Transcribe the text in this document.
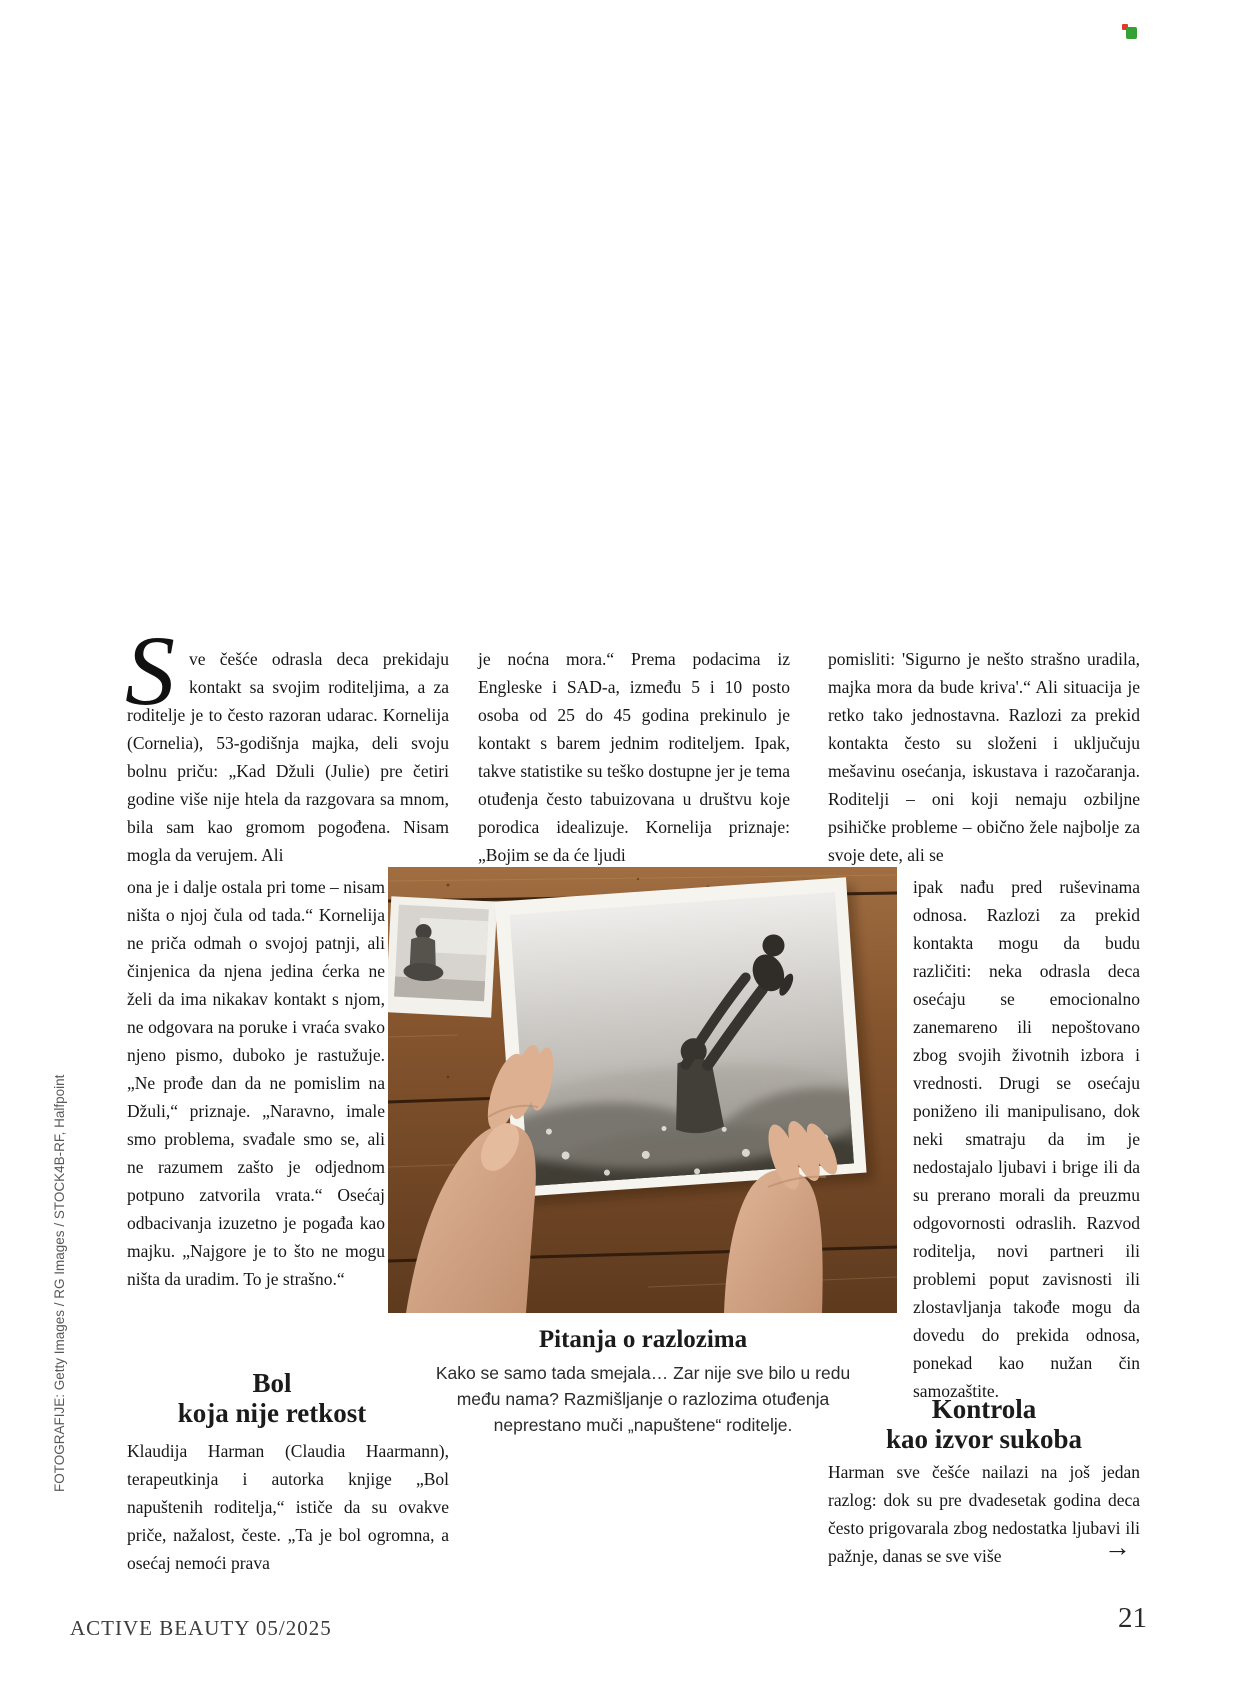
S ve češće odrasla deca prekidaju kontakt sa svojim roditeljima, a za roditelje je to često razoran udarac. Kornelija (Cornelia), 53-godišnja majka, deli svoju bolnu priču: „Kad Džuli (Julie) pre četiri godine više nije htela da razgovara sa mnom, bila sam kao gromom pogođena. Nisam mogla da verujem. Ali
ona je i dalje ostala pri tome – nisam ništa o njoj čula od tada.“ Kornelija ne priča odmah o svojoj patnji, ali činjenica da njena jedina ćerka ne želi da ima nikakav kontakt s njom, ne odgovara na poruke i vraća svako njeno pismo, duboko je rastužuje. „Ne prođe dan da ne pomislim na Džuli,“ priznaje. „Naravno, imale smo problema, svađale smo se, ali ne razumem zašto je odjednom potpuno zatvorila vrata.“ Osećaj odbacivanja izuzetno je pogađa kao majku. „Najgore je to što ne mogu ništa da uradim. To je strašno.“
Bol
koja nije retkost
Klaudija Harman (Claudia Haarmann), terapeutkinja i autorka knjige „Bol napuštenih roditelja,“ ističe da su ovakve priče, nažalost, česte. „Ta je bol ogromna, a osećaj nemoći prava
je noćna mora.“ Prema podacima iz Engleske i SAD-a, između 5 i 10 posto osoba od 25 do 45 godina prekinulo je kontakt s barem jednim roditeljem. Ipak, takve statistike su teško dostupne jer je tema otuđenja često tabuizovana u društvu koje porodica idealizuje. Kornelija priznaje: „Bojim se da će ljudi
pomisliti: 'Sigurno je nešto strašno uradila, majka mora da bude kriva'.“ Ali situacija je retko tako jednostavna. Razlozi za prekid kontakta često su složeni i uključuju mešavinu osećanja, iskustava i razočaranja. Roditelji – oni koji nemaju ozbiljne psihičke probleme – obično žele najbolje za svoje dete, ali se
ipak nađu pred ruševinama odnosa. Razlozi za prekid kontakta mogu da budu različiti: neka odrasla deca osećaju se emocionalno zanemareno ili nepoštovano zbog svojih životnih izbora i vrednosti. Drugi se osećaju poniženo ili manipulisano, dok neki smatraju da im je nedostajalo ljubavi i brige ili da su prerano morali da preuzmu odgovornosti odraslih. Razvod roditelja, novi partneri ili problemi poput zavisnosti ili zlostavljanja takođe mogu da dovedu do prekida odnosa, ponekad kao nužan čin samozaštite.
Kontrola
kao izvor sukoba
Harman sve češće nailazi na još jedan razlog: dok su pre dvadesetak godina deca često prigovarala zbog nedostatka ljubavi ili pažnje, danas se sve više	→
Pitanja o razlozima
Kako se samo tada smejala… Zar nije sve bilo u redu
među nama? Razmišljanje o razlozima otuđenja
neprestano muči „napuštene“ roditelje.
FOTOGRAFIJE: Getty Images / RG Images / STOCK4B-RF, Halfpoint
ACTIVE BEAUTY 05/2025	21
